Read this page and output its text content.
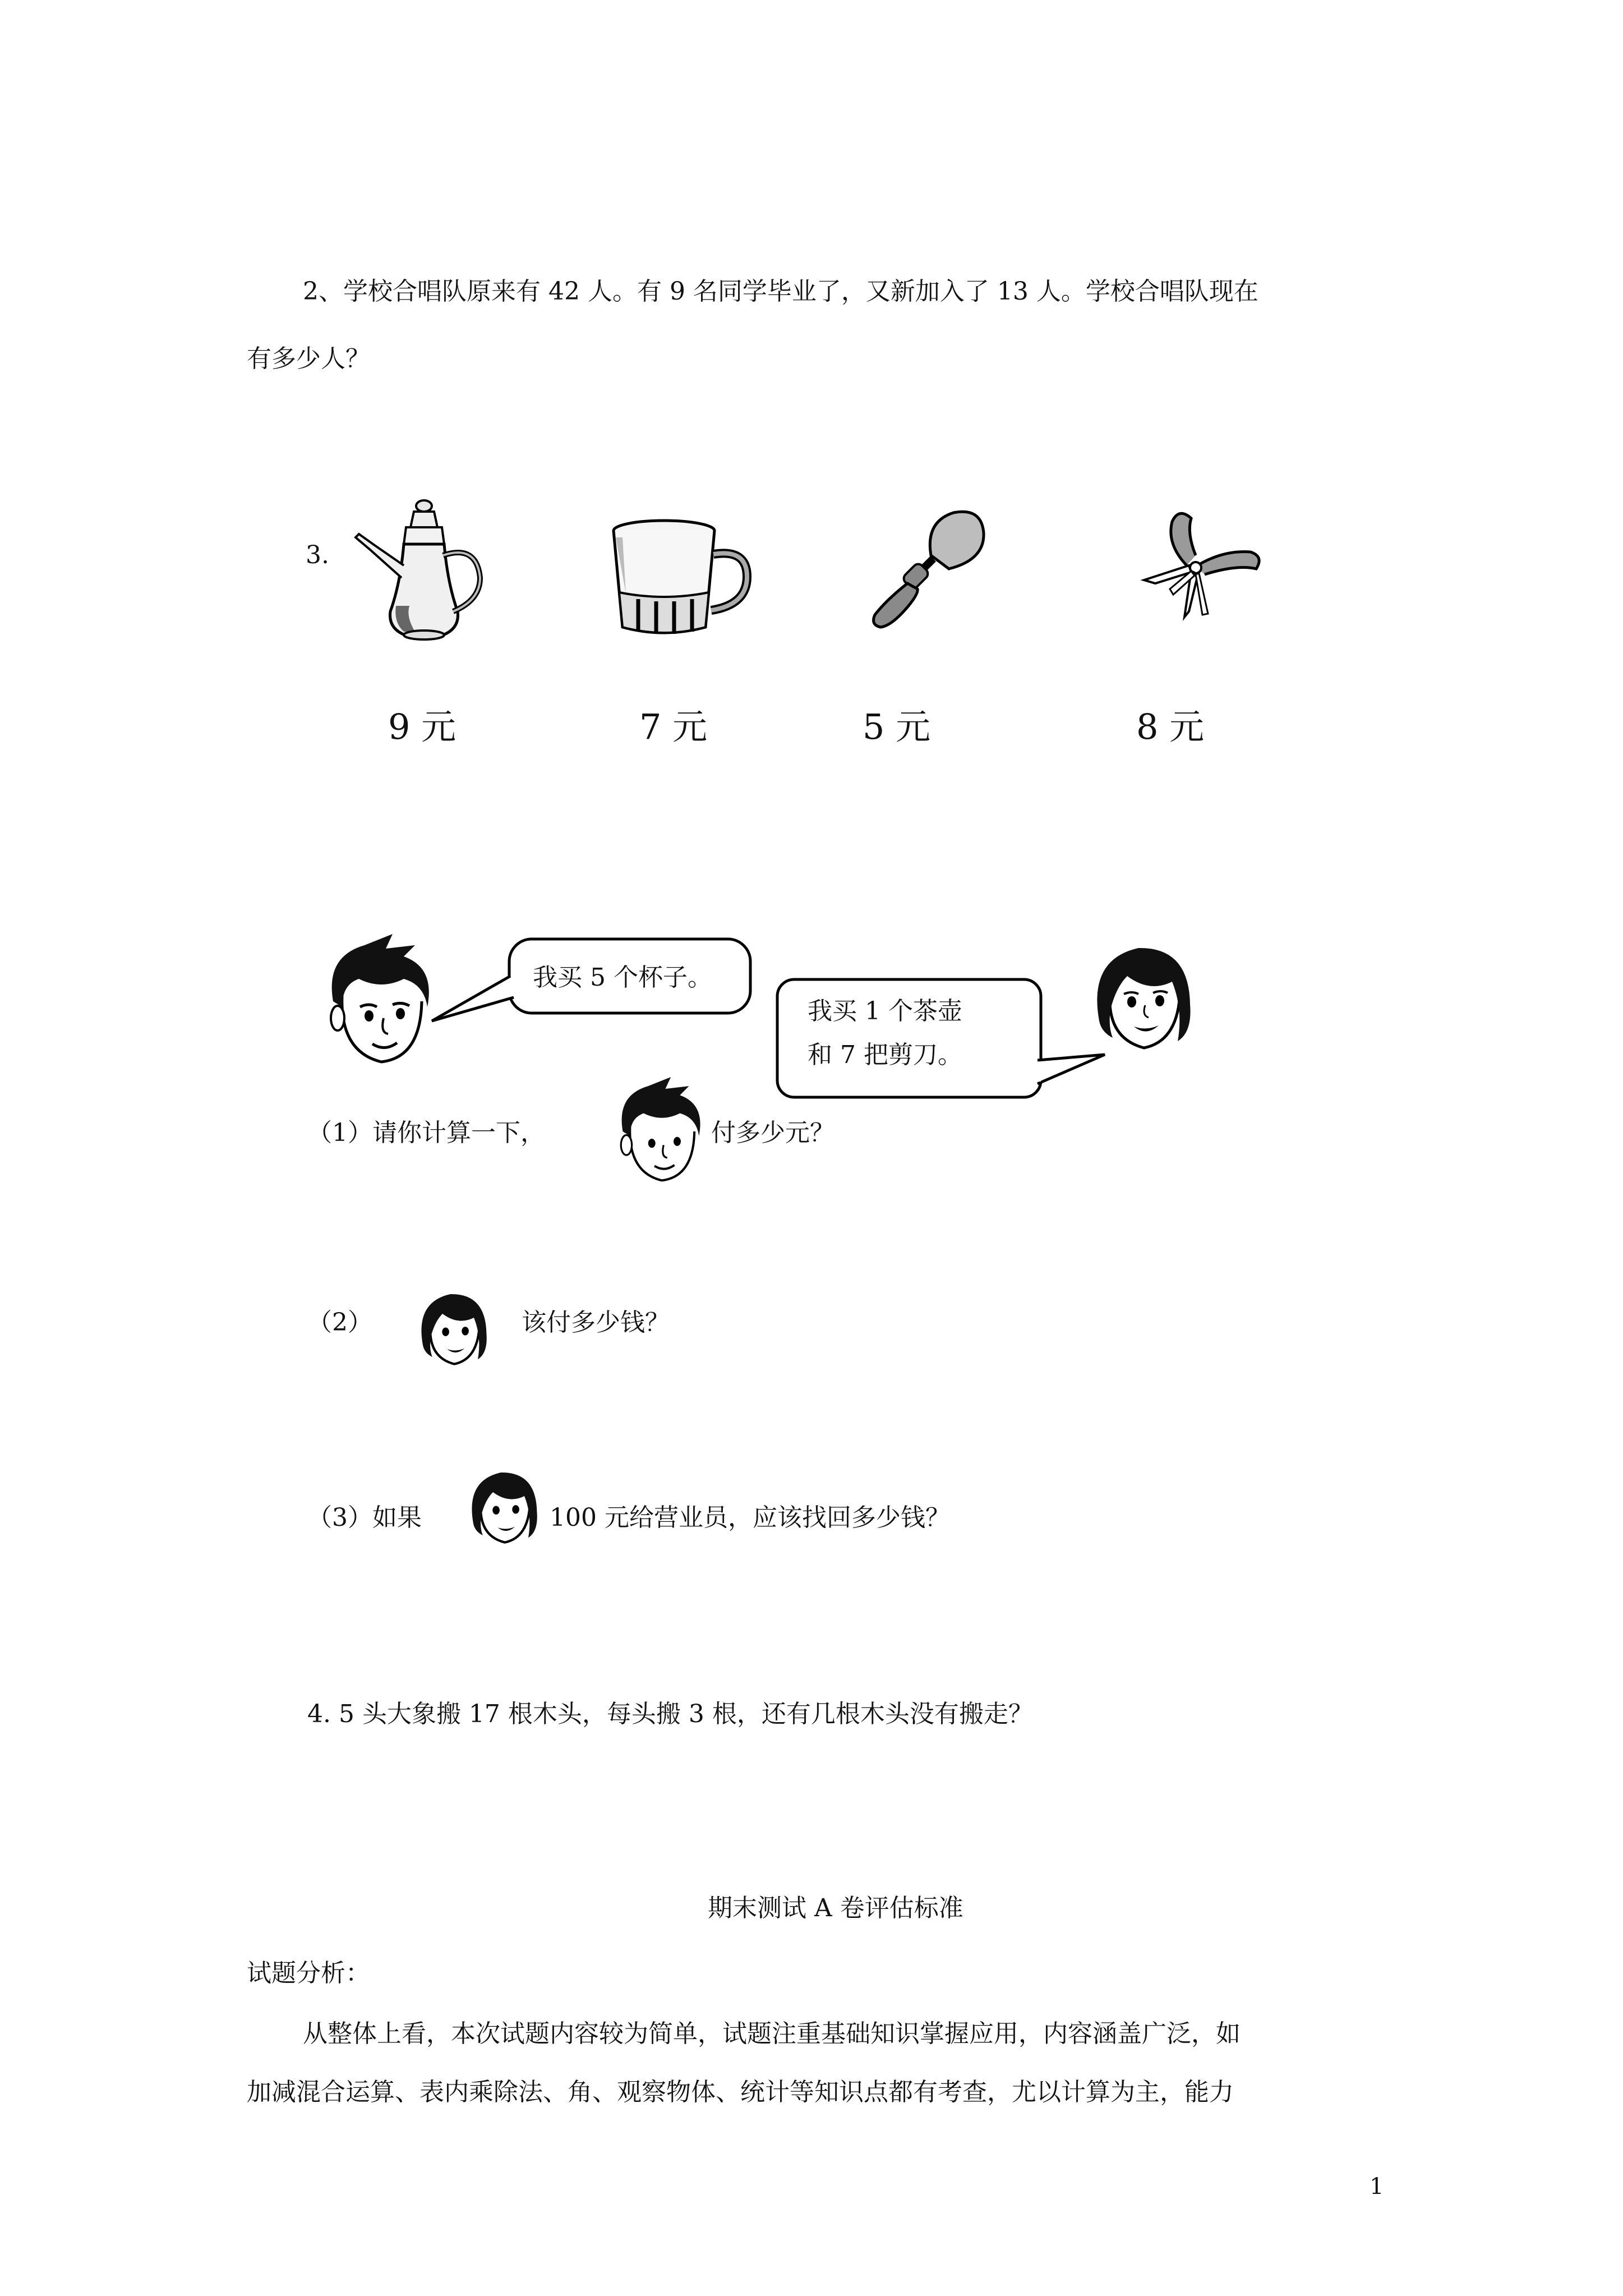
2、学校合唱队原来有 42 人。有 9 名同学毕业了，又新加入了 13 人。学校合唱队现在
有多少人？
3.
9 元	7 元	5 元	8 元
我买 5 个杯子。
我买 1 个茶壶
和 7 把剪刀。
（1）请你计算一下，	付多少元？
（2）	该付多少钱？
（3）如果	100 元给营业员，应该找回多少钱？
4. 5 头大象搬 17 根木头，每头搬 3 根，还有几根木头没有搬走？
期末测试 A 卷评估标准
试题分析：
从整体上看，本次试题内容较为简单，试题注重基础知识掌握应用，内容涵盖广泛，如
加减混合运算、表内乘除法、角、观察物体、统计等知识点都有考查，尤以计算为主，能力
1
